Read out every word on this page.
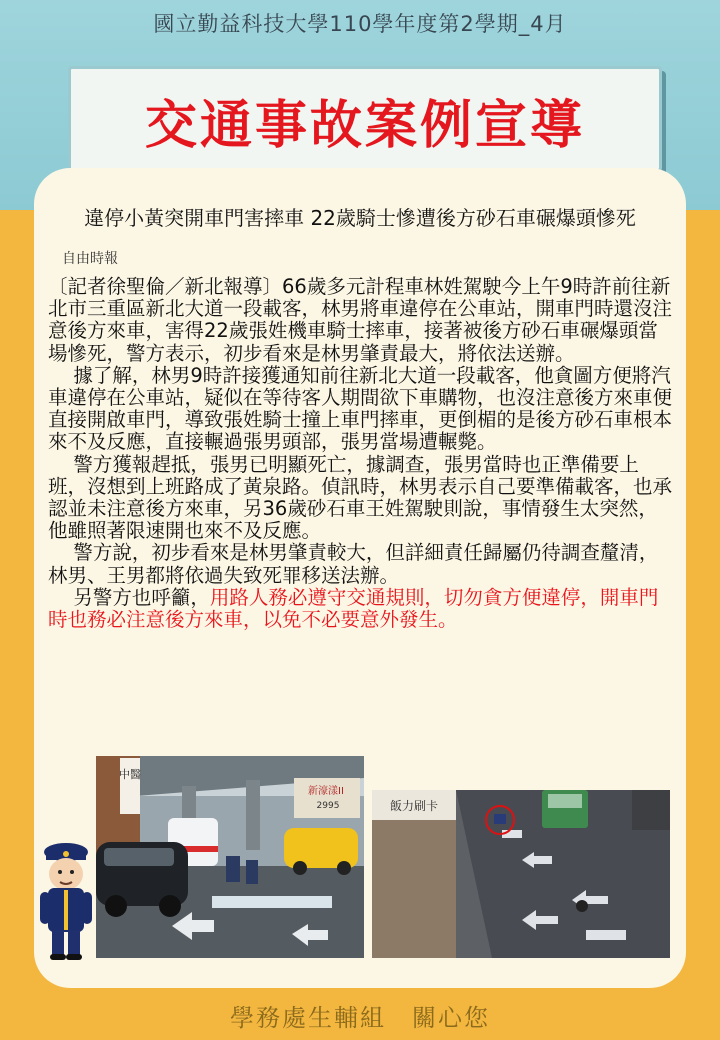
國立勤益科技大學110學年度第2學期_4月
交通事故案例宣導
違停小黃突開車門害摔車 22歲騎士慘遭後方砂石車碾爆頭慘死
自由時報

〔記者徐聖倫／新北報導〕66歲多元計程車林姓駕駛今上午9時許前往新北市三重區新北大道一段載客，林男將車違停在公車站，開車門時還沒注意後方來車，害得22歲張姓機車騎士摔車，接著被後方砂石車碾爆頭當場慘死，警方表示，初步看來是林男肇責最大，將依法送辦。

據了解，林男9時許接獲通知前往新北大道一段載客，他貪圖方便將汽車違停在公車站，疑似在等待客人期間欲下車購物，也沒注意後方來車便直接開啟車門，導致張姓騎士撞上車門摔車，更倒楣的是後方砂石車根本來不及反應，直接輾過張男頭部，張男當場遭輾斃。

警方獲報趕抵，張男已明顯死亡，據調查，張男當時也正準備要上班，沒想到上班路成了黃泉路。偵訊時，林男表示自己要準備載客，也承認並未注意後方來車，另36歲砂石車王姓駕駛則說，事情發生太突然，他雖照著限速開也來不及反應。

警方說，初步看來是林男肇責較大，但詳細責任歸屬仍待調查釐清，林男、王男都將依過失致死罪移送法辦。

另警方也呼籲，用路人務必遵守交通規則，切勿貪方便違停，開車門時也務必注意後方來車，以免不必要意外發生。

中醫
新濠漾II
2995	飯力刷卡
學務處生輔組　關心您
